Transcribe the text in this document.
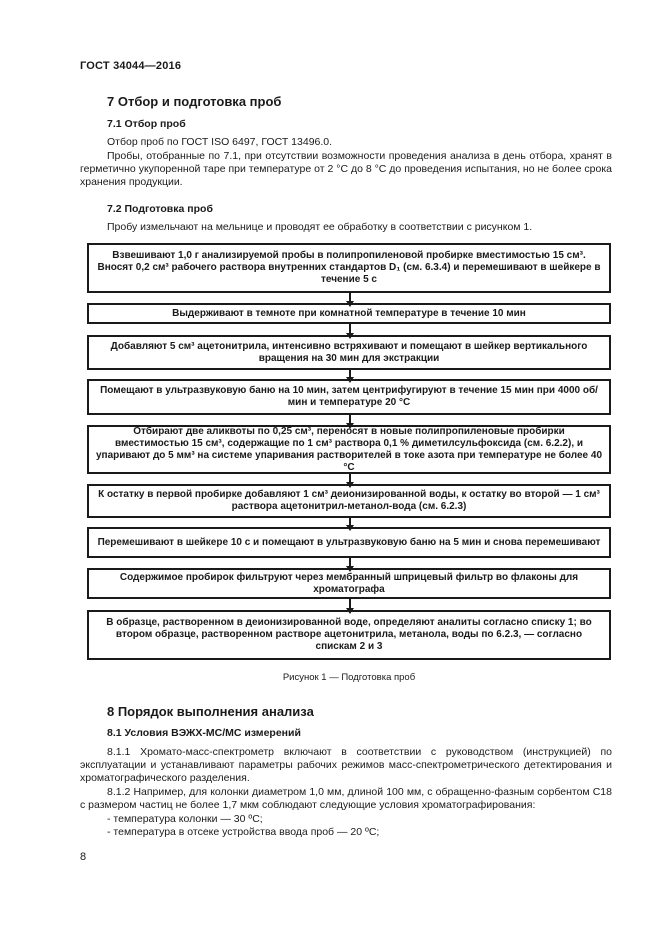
ГОСТ 34044—2016
7 Отбор и подготовка проб
7.1 Отбор проб
Отбор проб по ГОСТ ISO 6497, ГОСТ 13496.0.
Пробы, отобранные по 7.1, при отсутствии возможности проведения анализа в день отбора, хранят в герметично укупоренной таре при температуре от 2 °С до 8 °С до проведения испытания, но не более срока хранения продукции.
7.2 Подготовка проб
Пробу измельчают на мельнице и проводят ее обработку в соответствии с рисунком 1.
Взвешивают 1,0 г анализируемой пробы в полипропиленовой пробирке вместимостью 15 см³. Вносят 0,2 см³ рабочего раствора внутренних стандартов D₁ (см. 6.3.4) и перемешивают в шейкере в течение 5 с
Выдерживают в темноте при комнатной температуре в течение 10 мин
Добавляют 5 см³ ацетонитрила, интенсивно встряхивают и помещают в шейкер вертикального вращения на 30 мин для экстракции
Помещают в ультразвуковую баню на 10 мин, затем центрифугируют в течение 15 мин при 4000 об/мин и температуре 20 °С
Отбирают две аликвоты по 0,25 см³, переносят в новые полипропиленовые пробирки вместимостью 15 см³, содержащие по 1 см³ раствора 0,1 % диметилсульфоксида (см. 6.2.2), и упаривают до 5 мм³ на системе упаривания растворителей в токе азота при температуре не более 40 °С
К остатку в первой пробирке добавляют 1 см³ деионизированной воды, к остатку во второй — 1 см³ раствора ацетонитрил-метанол-вода (см. 6.2.3)
Перемешивают в шейкере 10 с и помещают в ультразвуковую баню на 5 мин и снова перемешивают
Содержимое пробирок фильтруют через мембранный шприцевый фильтр во флаконы для хроматографа
В образце, растворенном в деионизированной воде, определяют аналиты согласно списку 1; во втором образце, растворенном растворе ацетонитрила, метанола, воды по 6.2.3, — согласно спискам 2 и 3
Рисунок 1 — Подготовка проб
8 Порядок выполнения анализа
8.1 Условия ВЭЖХ-МС/МС измерений
8.1.1 Хромато-масс-спектрометр включают в соответствии с руководством (инструкцией) по эксплуатации и устанавливают параметры рабочих режимов масс-спектрометрического детектирования и хроматографического разделения.
8.1.2 Например, для колонки диаметром 1,0 мм, длиной 100 мм, с обращенно-фазным сорбентом С18 с размером частиц не более 1,7 мкм соблюдают следующие условия хроматографирования:
- температура колонки — 30 ºС;
- температура в отсеке устройства ввода проб — 20 ºС;
8
